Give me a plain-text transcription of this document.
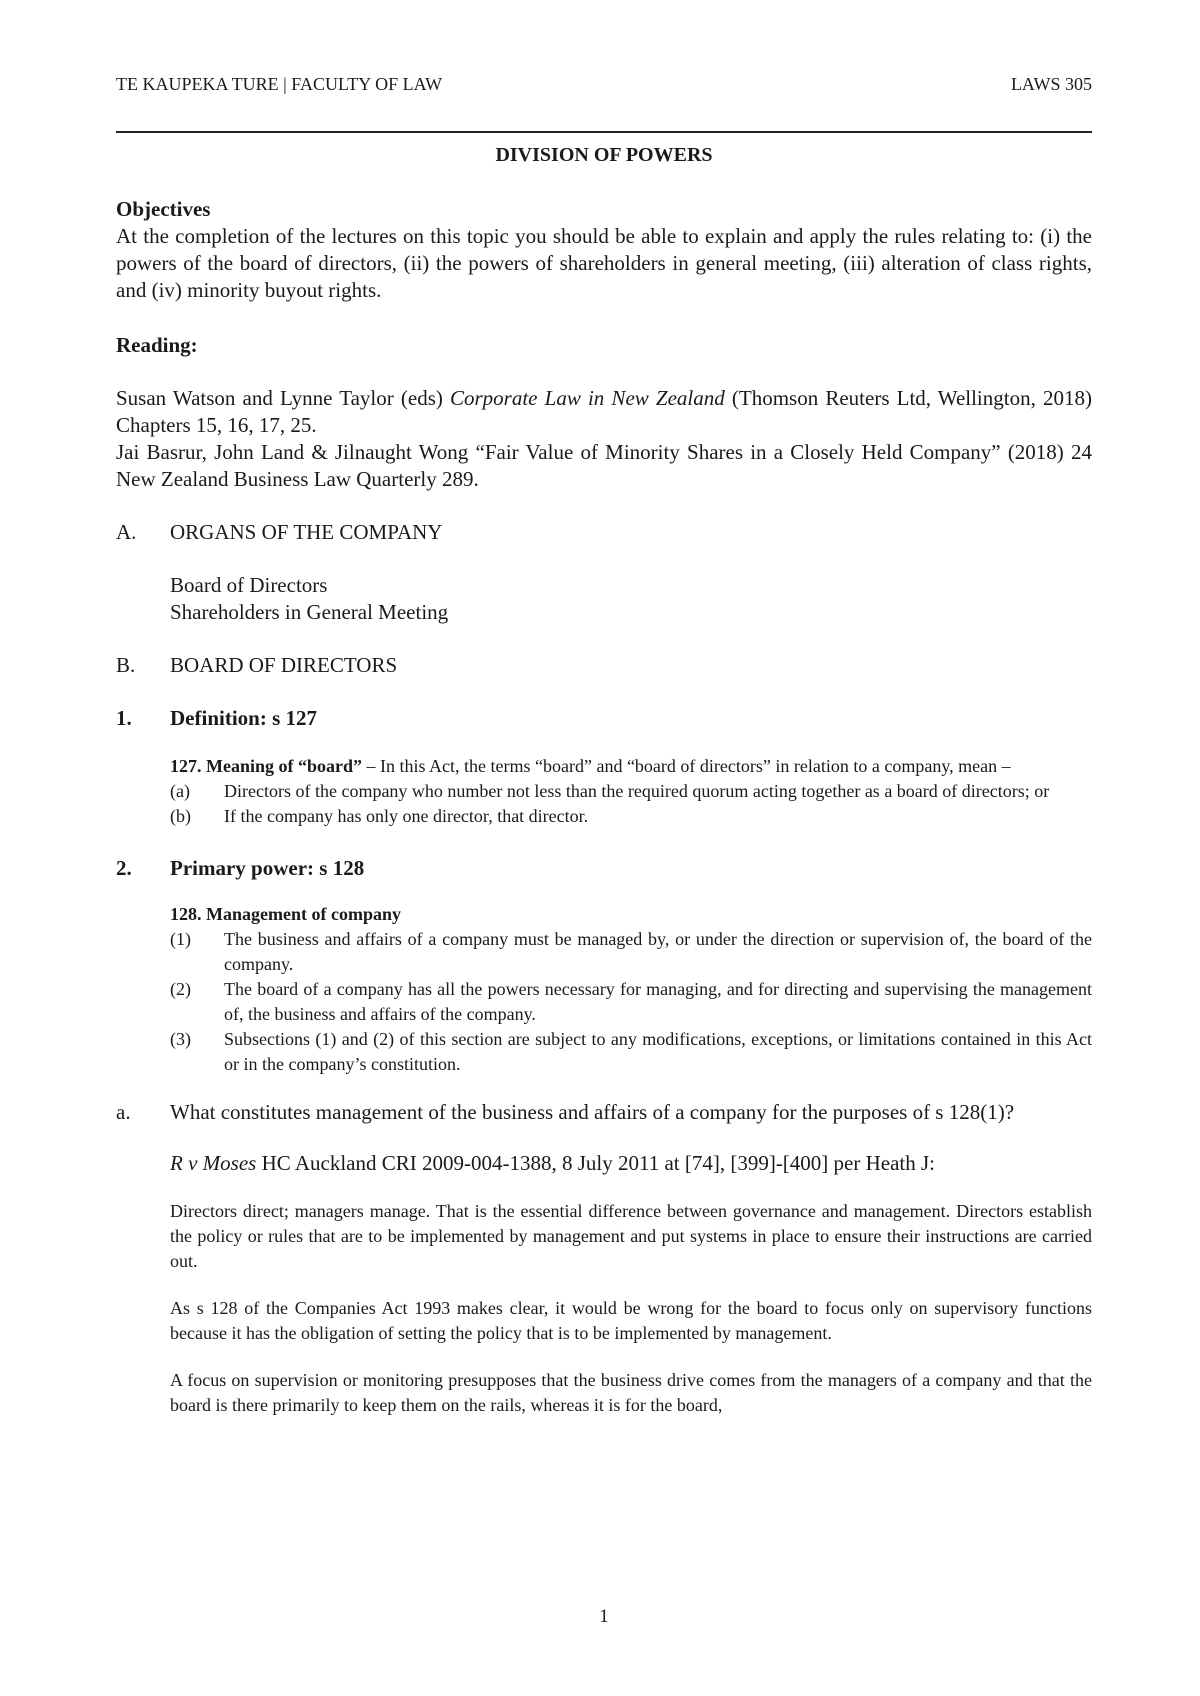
TE KAUPEKA TURE | FACULTY OF LAW	LAWS 305
DIVISION OF POWERS

Objectives

At the completion of the lectures on this topic you should be able to explain and apply the rules relating to: (i) the powers of the board of directors, (ii) the powers of shareholders in general meeting, (iii) alteration of class rights, and (iv) minority buyout rights.

Reading:

Susan Watson and Lynne Taylor (eds) Corporate Law in New Zealand (Thomson Reuters Ltd, Wellington, 2018) Chapters 15, 16, 17, 25.

Jai Basrur, John Land & Jilnaught Wong “Fair Value of Minority Shares in a Closely Held Company” (2018) 24 New Zealand Business Law Quarterly 289.

A.	ORGANS OF THE COMPANY

Board of Directors

Shareholders in General Meeting

B.	BOARD OF DIRECTORS
1.	Definition: s 127
127. Meaning of “board” – In this Act, the terms “board” and “board of directors” in relation to a company, mean –
(a)	Directors of the company who number not less than the required quorum acting together as a board of directors; or
(b)	If the company has only one director, that director.
2.	Primary power: s 128
128. Management of company
(1)	The business and affairs of a company must be managed by, or under the direction or supervision of, the board of the company.
(2)	The board of a company has all the powers necessary for managing, and for directing and supervising the management of, the business and affairs of the company.
(3)	Subsections (1) and (2) of this section are subject to any modifications, exceptions, or limitations contained in this Act or in the company’s constitution.
a.	What constitutes management of the business and affairs of a company for the purposes of s 128(1)?

R v Moses HC Auckland CRI 2009-004-1388, 8 July 2011 at [74], [399]-[400] per Heath J:

Directors direct; managers manage. That is the essential difference between governance and management. Directors establish the policy or rules that are to be implemented by management and put systems in place to ensure their instructions are carried out.

As s 128 of the Companies Act 1993 makes clear, it would be wrong for the board to focus only on supervisory functions because it has the obligation of setting the policy that is to be implemented by management.

A focus on supervision or monitoring presupposes that the business drive comes from the managers of a company and that the board is there primarily to keep them on the rails, whereas it is for the board,

1
